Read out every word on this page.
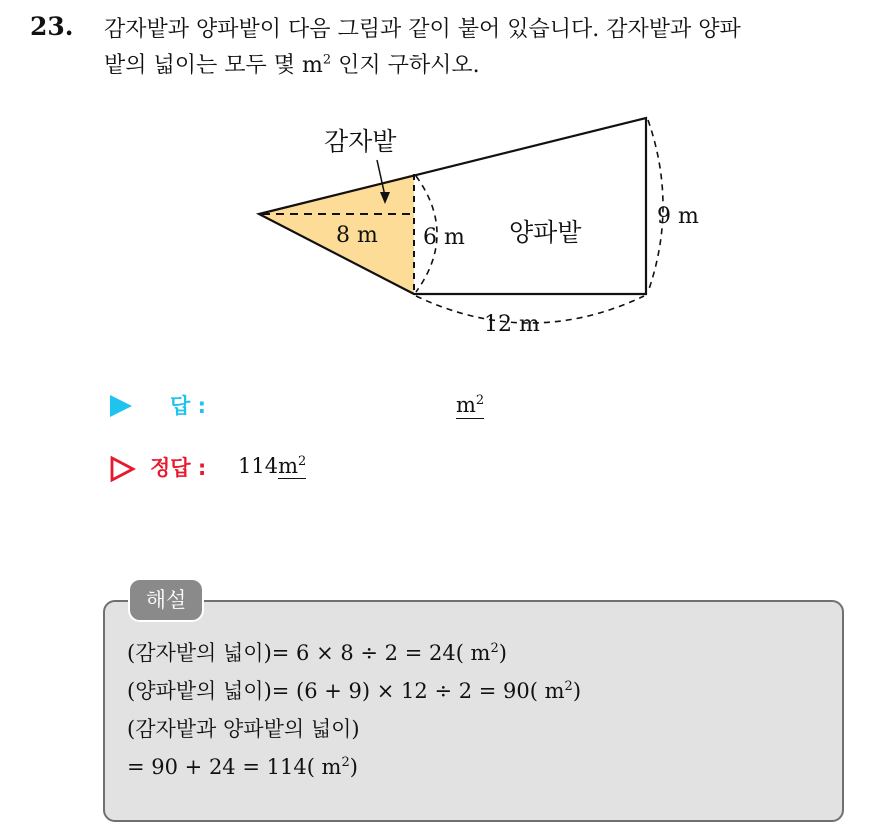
23. 감자밭과 양파밭이 다음 그림과 같이 붙어 있습니다. 감자밭과 양파
밭의 넓이는 모두 몇 $m^2$ 인지 구하시오.
감자밭
양파밭
8 m 6 m
9 m
12 m
답 :	$m^2$
정답 : $114m^2$
해설
(감자밭의 넓이)= 6 × 8 ÷ 2 = 24( $m^2$)
(양파밭의 넓이)= (6 + 9) × 12 ÷ 2 = 90( $m^2$)
(감자밭과 양파밭의 넓이)
= 90 + 24 = 114( $m^2$)
